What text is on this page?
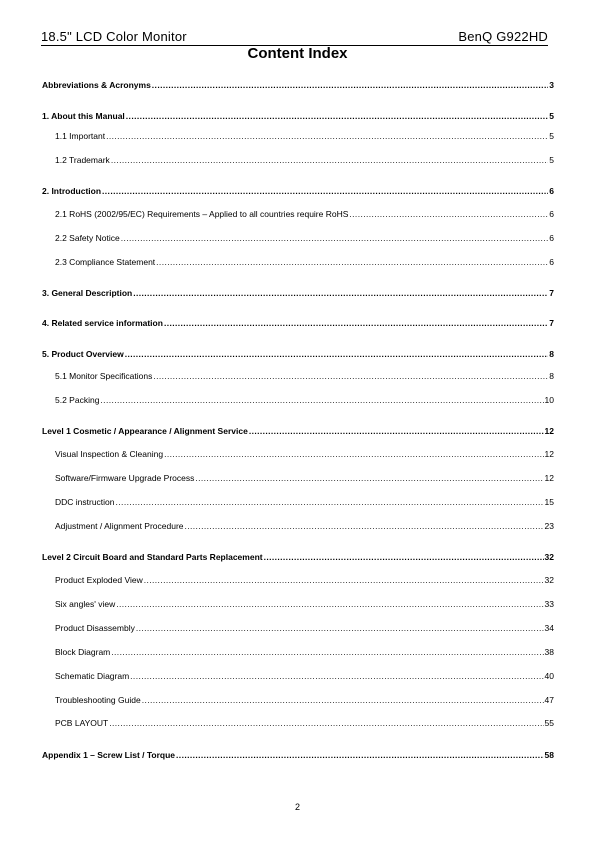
18.5" LCD Color Monitor	BenQ G922HD
Content Index
Abbreviations & Acronyms .....	3
1. About this Manual .....	5
1.1 Important .....	5
1.2 Trademark .....	5
2. Introduction .....	6
2.1 RoHS (2002/95/EC) Requirements – Applied to all countries require RoHS .....	6
2.2 Safety Notice .....	6
2.3 Compliance Statement .....	6
3. General Description .....	7
4. Related service information .....	7
5. Product Overview .....	8
5.1 Monitor Specifications .....	8
5.2 Packing .....	10
Level 1 Cosmetic / Appearance / Alignment Service .....	12
Visual Inspection & Cleaning .....	12
Software/Firmware Upgrade Process .....	12
DDC instruction .....	15
Adjustment / Alignment Procedure .....	23
Level 2 Circuit Board and Standard Parts Replacement .....	32
Product Exploded View .....	32
Six angles' view .....	33
Product Disassembly .....	34
Block Diagram .....	38
Schematic Diagram .....	40
Troubleshooting Guide .....	47
PCB LAYOUT .....	55
Appendix 1 – Screw List / Torque .....	58
2
